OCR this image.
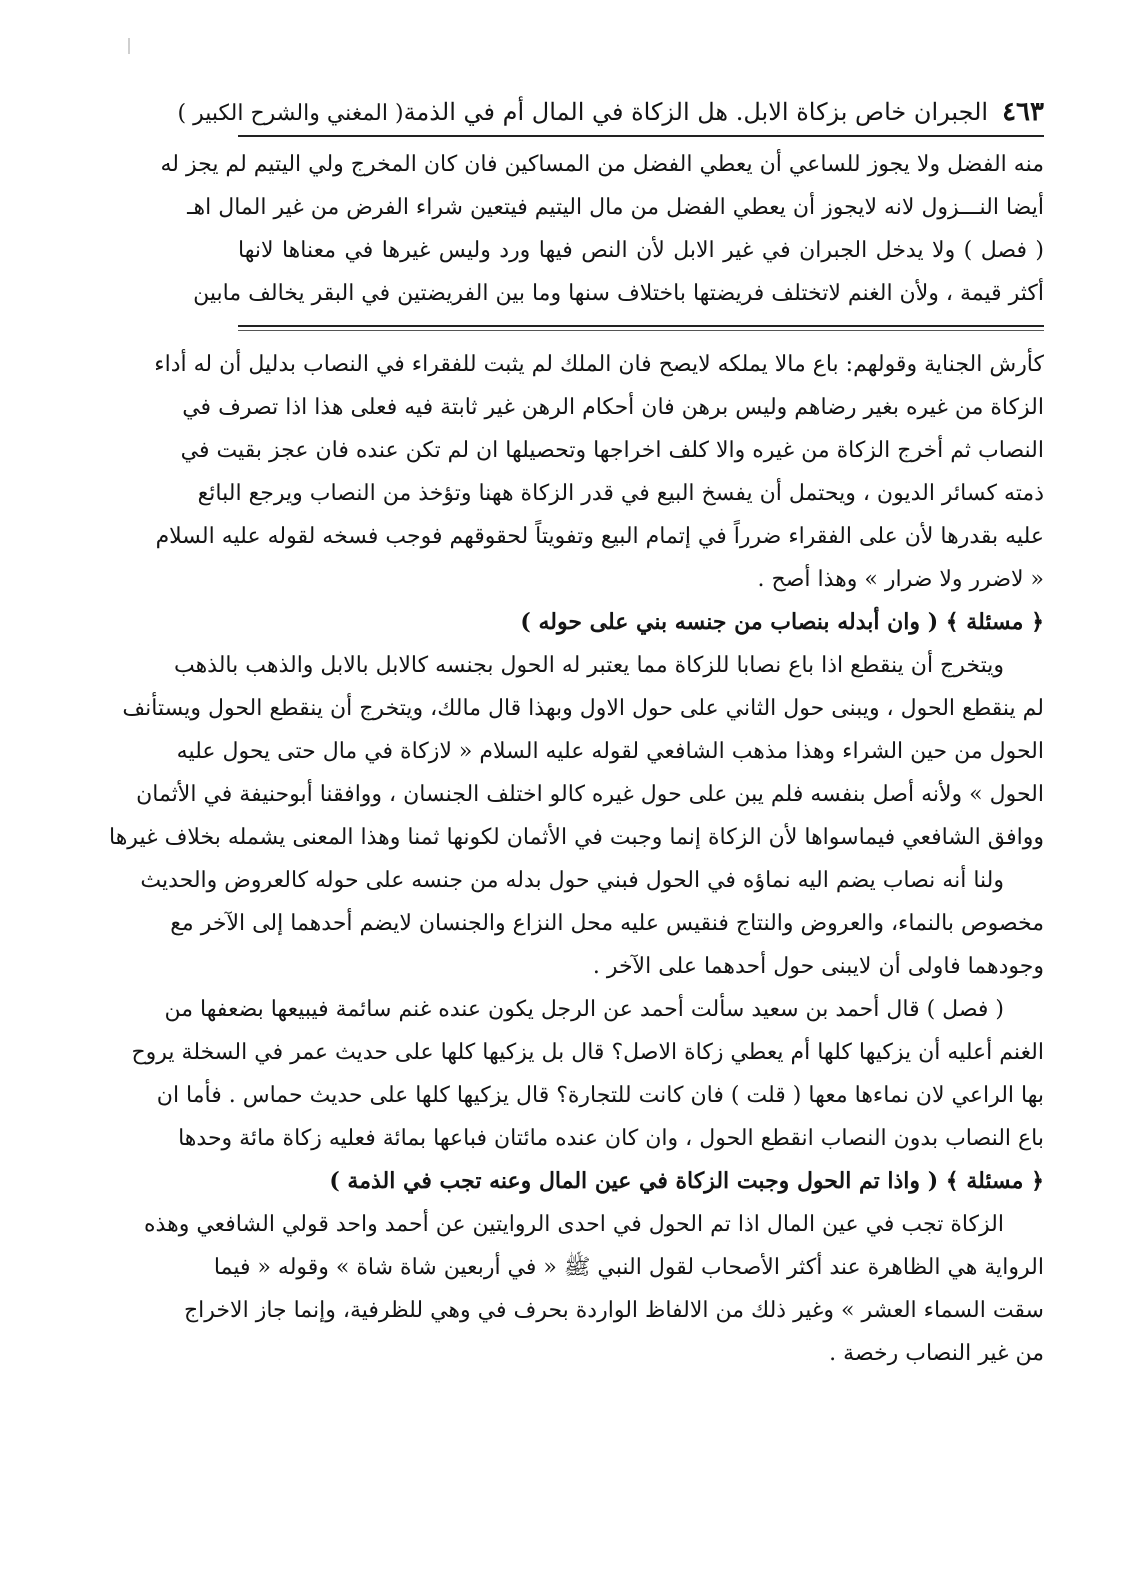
٤٦٣
الجبران خاص بزكاة الابل. هل الزكاة في المال أم في الذمة
( المغني والشرح الكبير )

منه الفضل ولا يجوز للساعي أن يعطي الفضل من المساكين فان كان المخرج ولي اليتيم لم يجز له

أيضا النـــزول لانه لايجوز أن يعطي الفضل من مال اليتيم فيتعين شراء الفرض من غير المال اهـ

( فصل ) ولا يدخل الجبران في غير الابل لأن النص فيها ورد وليس غيرها في معناها لانها

أكثر قيمة ، ولأن الغنم لاتختلف فريضتها باختلاف سنها وما بين الفريضتين في البقر يخالف مابين

كأرش الجناية وقولهم: باع مالا يملكه لايصح فان الملك لم يثبت للفقراء في النصاب بدليل أن له أداء

الزكاة من غيره بغير رضاهم وليس برهن فان أحكام الرهن غير ثابتة فيه فعلى هذا اذا تصرف في

النصاب ثم أخرج الزكاة من غيره والا كلف اخراجها وتحصيلها ان لم تكن عنده فان عجز بقيت في

ذمته كسائر الديون ، ويحتمل أن يفسخ البيع في قدر الزكاة ههنا وتؤخذ من النصاب ويرجع البائع

عليه بقدرها لأن على الفقراء ضرراً في إتمام البيع وتفويتاً لحقوقهم فوجب فسخه لقوله عليه السلام

« لاضرر ولا ضرار » وهذا أصح .

﴿ مسئلة ﴾ ( وان أبدله بنصاب من جنسه بني على حوله )

ويتخرج أن ينقطع اذا باع نصابا للزكاة مما يعتبر له الحول بجنسه كالابل بالابل والذهب بالذهب

لم ينقطع الحول ، ويبنى حول الثاني على حول الاول وبهذا قال مالك، ويتخرج أن ينقطع الحول ويستأنف

الحول من حين الشراء وهذا مذهب الشافعي لقوله عليه السلام « لازكاة في مال حتى يحول عليه

الحول » ولأنه أصل بنفسه فلم يبن على حول غيره كالو اختلف الجنسان ، ووافقنا أبوحنيفة في الأثمان

ووافق الشافعي فيماسواها لأن الزكاة إنما وجبت في الأثمان لكونها ثمنا وهذا المعنى يشمله بخلاف غيرها

ولنا أنه نصاب يضم اليه نماؤه في الحول فبني حول بدله من جنسه على حوله كالعروض والحديث

مخصوص بالنماء، والعروض والنتاج فنقيس عليه محل النزاع والجنسان لايضم أحدهما إلى الآخر مع

وجودهما فاولى أن لايبنى حول أحدهما على الآخر .

( فصل ) قال أحمد بن سعيد سألت أحمد عن الرجل يكون عنده غنم سائمة فيبيعها بضعفها من

الغنم أعليه أن يزكيها كلها أم يعطي زكاة الاصل؟ قال بل يزكيها كلها على حديث عمر في السخلة يروح

بها الراعي لان نماءها معها ( قلت ) فان كانت للتجارة؟ قال يزكيها كلها على حديث حماس . فأما ان

باع النصاب بدون النصاب انقطع الحول ، وان كان عنده مائتان فباعها بمائة فعليه زكاة مائة وحدها

﴿ مسئلة ﴾ ( واذا تم الحول وجبت الزكاة في عين المال وعنه تجب في الذمة )

الزكاة تجب في عين المال اذا تم الحول في احدى الروايتين عن أحمد واحد قولي الشافعي وهذه

الرواية هي الظاهرة عند أكثر الأصحاب لقول النبي ﷺ « في أربعين شاة شاة » وقوله « فيما

سقت السماء العشر » وغير ذلك من الالفاظ الواردة بحرف في وهي للظرفية، وإنما جاز الاخراج

من غير النصاب رخصة .
